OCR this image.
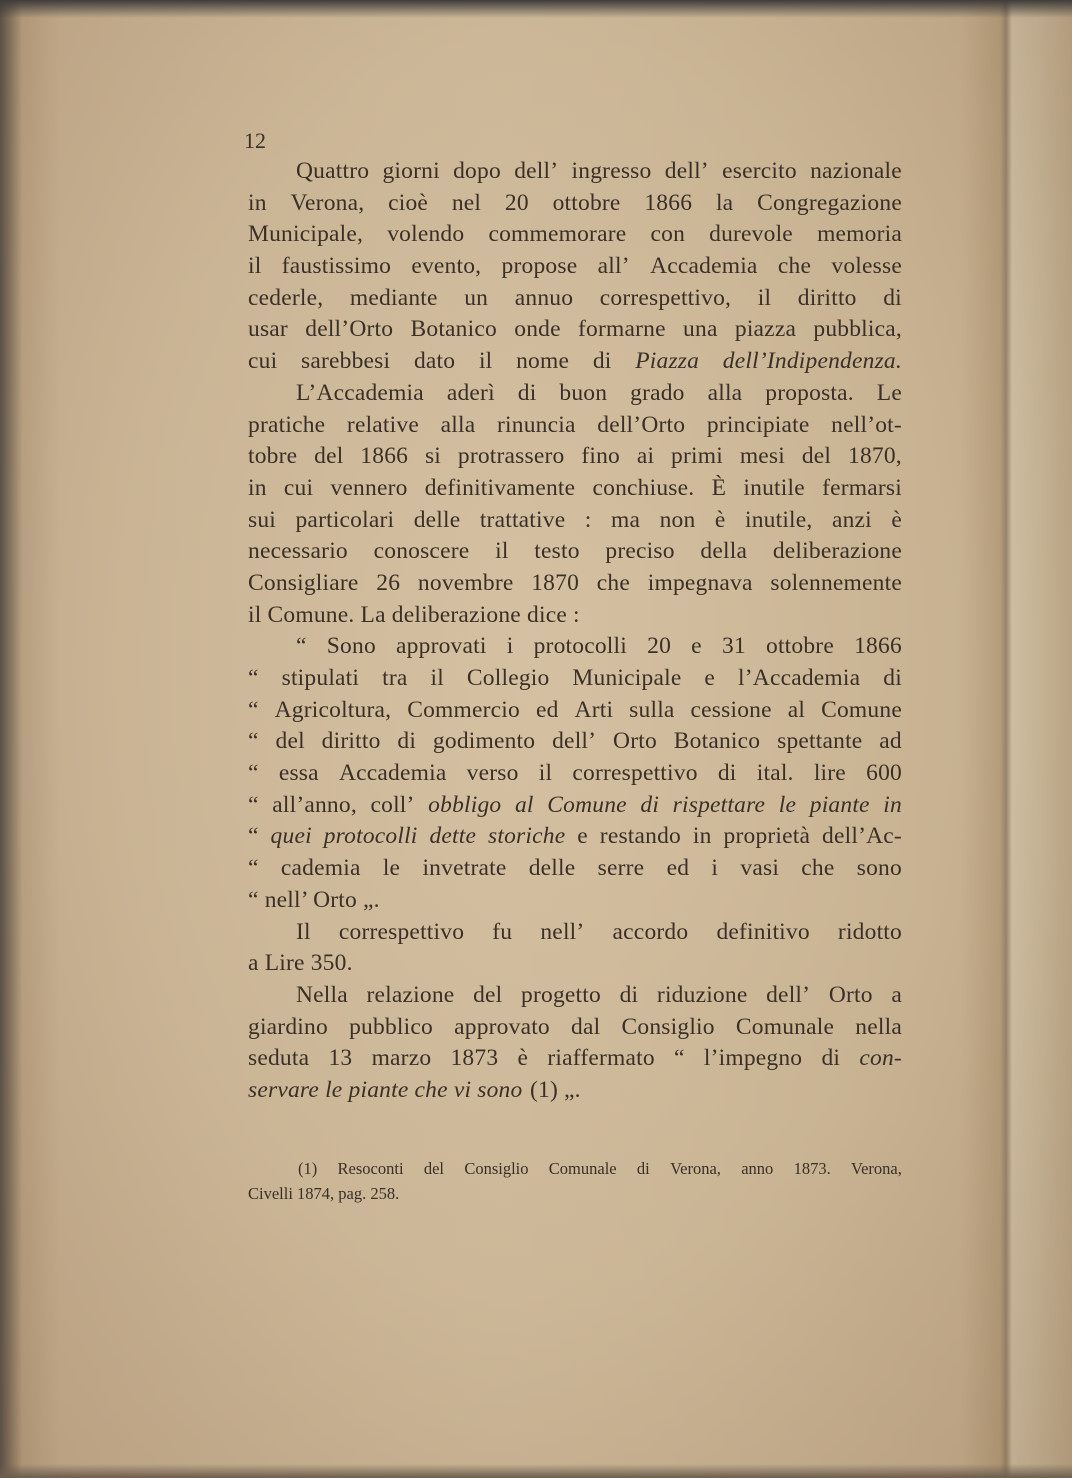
12
Quattro giorni dopo dell’ ingresso dell’ esercito nazionale
in Verona, cioè nel 20 ottobre 1866 la Congregazione
Municipale, volendo commemorare con durevole memoria
il faustissimo evento, propose all’ Accademia che volesse
cederle, mediante un annuo correspettivo, il diritto di
usar dell’Orto Botanico onde formarne una piazza pubblica,
cui sarebbesi dato il nome di Piazza dell’Indipendenza.
L’Accademia aderì di buon grado alla proposta. Le
pratiche relative alla rinuncia dell’Orto principiate nell’ot-
tobre del 1866 si protrassero fino ai primi mesi del 1870,
in cui vennero definitivamente conchiuse. È inutile fermarsi
sui particolari delle trattative : ma non è inutile, anzi è
necessario conoscere il testo preciso della deliberazione
Consigliare 26 novembre 1870 che impegnava solennemente
il Comune. La deliberazione dice :
“ Sono approvati i protocolli 20 e 31 ottobre 1866
“ stipulati tra il Collegio Municipale e l’Accademia di
“ Agricoltura, Commercio ed Arti sulla cessione al Comune
“ del diritto di godimento dell’ Orto Botanico spettante ad
“ essa Accademia verso il correspettivo di ital. lire 600
“ all’anno, coll’ obbligo al Comune di rispettare le piante in
“ quei protocolli dette storiche e restando in proprietà dell’Ac-
“ cademia le invetrate delle serre ed i vasi che sono
“ nell’ Orto „.
Il correspettivo fu nell’ accordo definitivo ridotto
a Lire 350.
Nella relazione del progetto di riduzione dell’ Orto a
giardino pubblico approvato dal Consiglio Comunale nella
seduta 13 marzo 1873 è riaffermato “ l’impegno di con-
servare le piante che vi sono (1) „.
(1) Resoconti del Consiglio Comunale di Verona, anno 1873. Verona,
Civelli 1874, pag. 258.
